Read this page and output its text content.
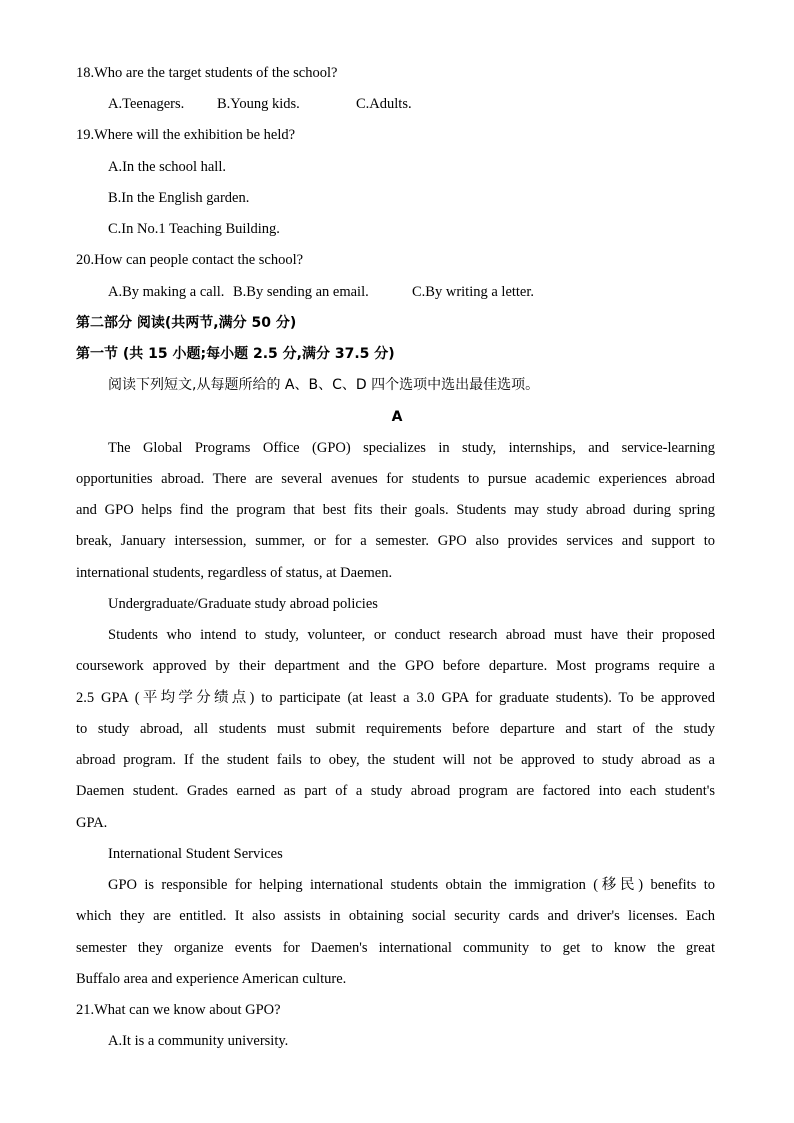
18.Who are the target students of the school?
A.Teenagers. B.Young kids.	C.Adults.
19.Where will the exhibition be held?
A.In the school hall.
B.In the English garden.
C.In No.1 Teaching Building.
20.How can people contact the school?
A.By making a call. B.By sending an email.	C.By writing a letter.
第二部分 阅读(共两节,满分 50 分)
第一节 (共 15 小题;每小题 2.5 分,满分 37.5 分)
阅读下列短文,从每题所给的 A、B、C、D 四个选项中选出最佳选项。
A
The Global Programs Office (GPO) specializes in study, internships, and service-learning
opportunities abroad. There are several avenues for students to pursue academic experiences abroad
and GPO helps find the program that best fits their goals. Students may study abroad during spring
break, January intersession, summer, or for a semester. GPO also provides services and support to
international students, regardless of status, at Daemen.
Undergraduate/Graduate study abroad policies
Students who intend to study, volunteer, or conduct research abroad must have their proposed
coursework approved by their department and the GPO before departure. Most programs require a
2.5 GPA (平均学分绩点) to participate (at least a 3.0 GPA for graduate students). To be approved
to study abroad, all students must submit requirements before departure and start of the study
abroad program. If the student fails to obey, the student will not be approved to study abroad as a
Daemen student. Grades earned as part of a study abroad program are factored into each student's
GPA.
International Student Services
GPO is responsible for helping international students obtain the immigration (移民) benefits to
which they are entitled. It also assists in obtaining social security cards and driver's licenses. Each
semester they organize events for Daemen's international community to get to know the great
Buffalo area and experience American culture.
21.What can we know about GPO?
A.It is a community university.
